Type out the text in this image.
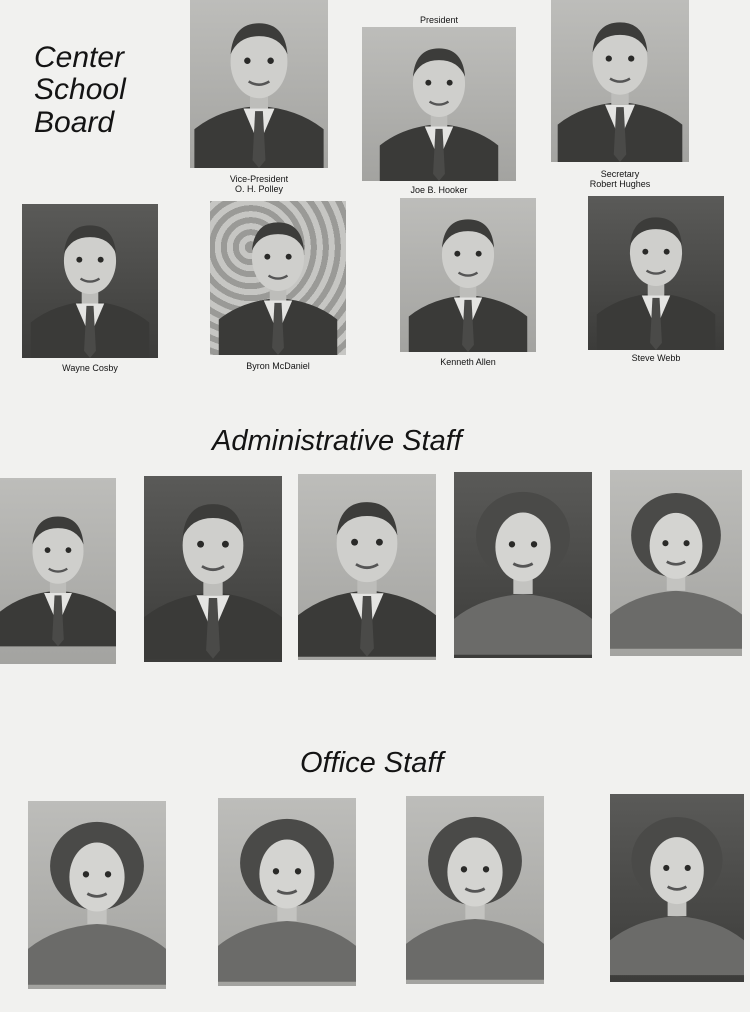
Center
School
Board
Vice-President
O. H. Polley
President
Joe B. Hooker
Secretary
Robert Hughes
Wayne Cosby	Byron McDaniel	Kenneth Allen	Steve Webb
Administrative Staff
Office Staff
